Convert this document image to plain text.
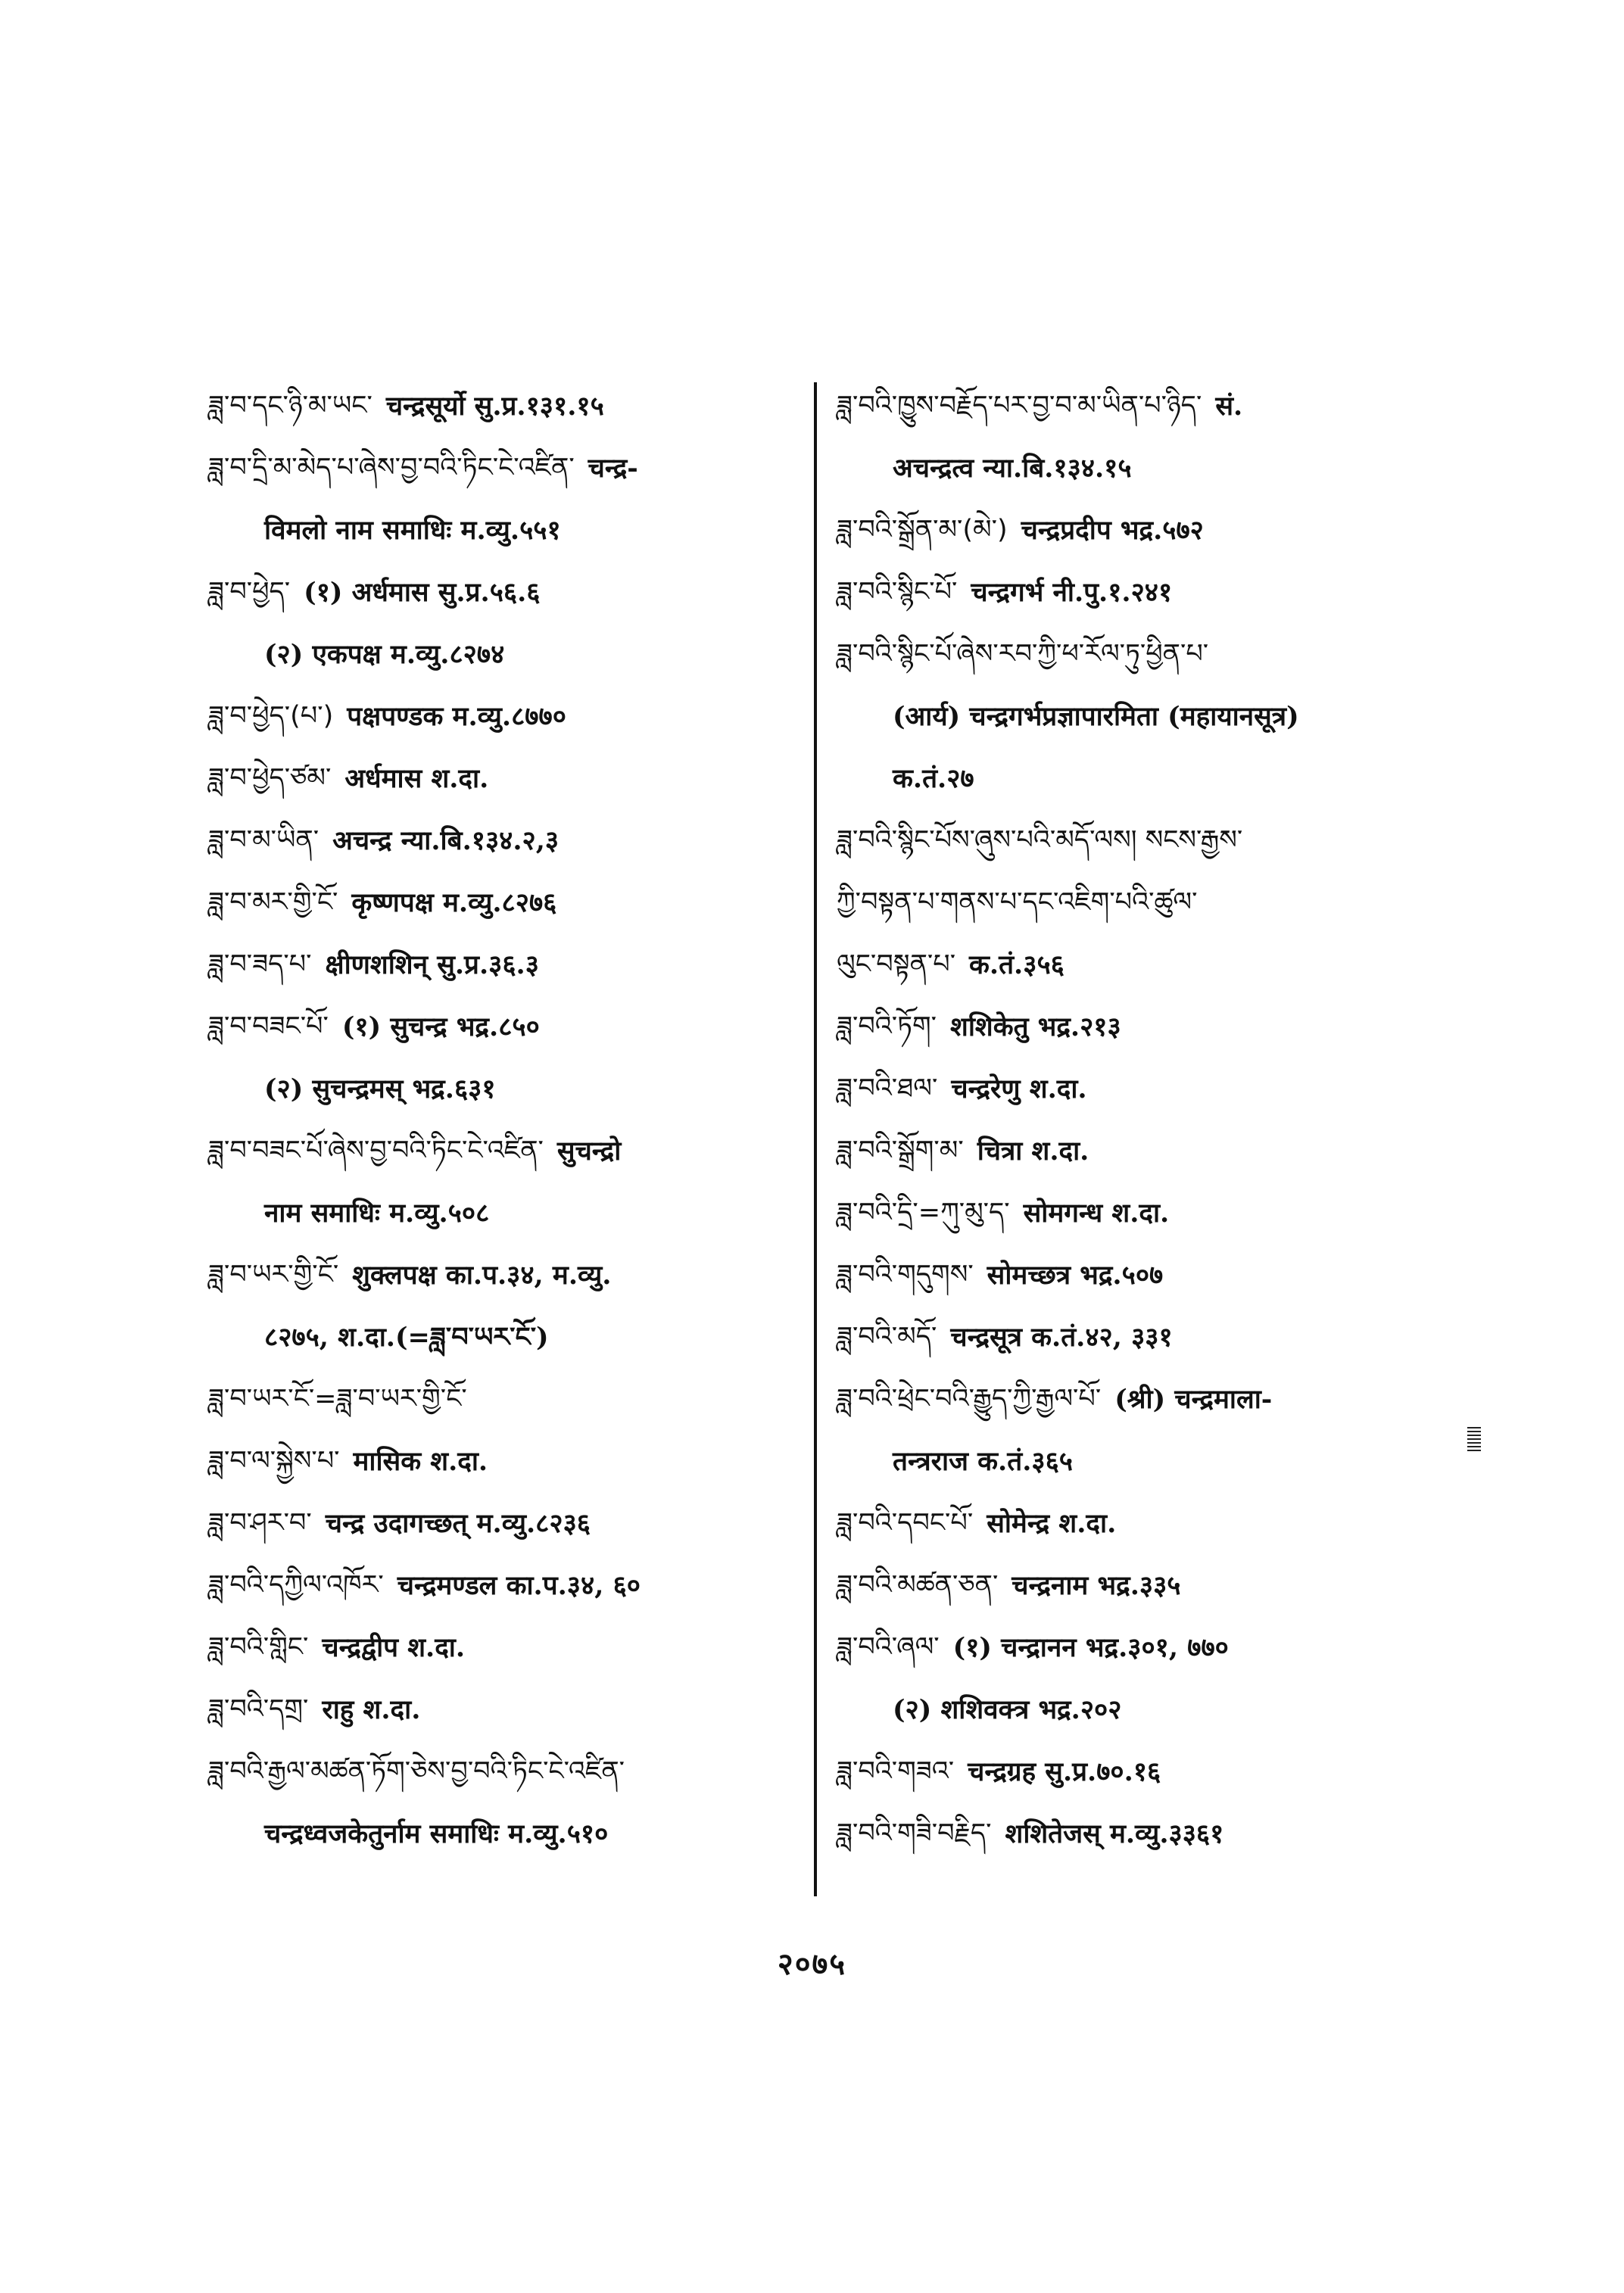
ཟླ་བ་དང་ཉི་མ་ཡང་ चन्द्रसूर्यो सु.प्र.१३१.१५
ཟླ་བ་དྲི་མ་མེད་པ་ཞེས་བྱ་བའི་ཏིང་ངེ་འཛིན་ चन्द्र-
विमलो नाम समाधिः म.व्यु.५५१
ཟླ་བ་ཕྱེད་ (१) अर्धमास सु.प्र.५६.६
(२) एकपक्ष म.व्यु.८२७४
ཟླ་བ་ཕྱེད་(པ་) पक्षपण्डक म.व्यु.८७७०
ཟླ་བ་ཕྱེད་ཙམ་ अर्धमास श.दा.
ཟླ་བ་མ་ཡིན་ अचन्द्र न्या.बि.१३४.२,३
ཟླ་བ་མར་གྱི་ངོ་ कृष्णपक्ष म.व्यु.८२७६
ཟླ་བ་ཟད་པ་ क्षीणशशिन् सु.प्र.३६.३
ཟླ་བ་བཟང་པོ་ (१) सुचन्द्र भद्र.८५०
(२) सुचन्द्रमस् भद्र.६३१
ཟླ་བ་བཟང་པོ་ཞེས་བྱ་བའི་ཏིང་ངེ་འཛིན་ सुचन्द्रो
नाम समाधिः म.व्यु.५०८
ཟླ་བ་ཡར་གྱི་ངོ་ शुक्लपक्ष का.प.३४, म.व्यु.
८२७५, श.दा.(=ཟླ་བ་ཡར་ངོ་)
ཟླ་བ་ཡར་ངོ་=ཟླ་བ་ཡར་གྱི་ངོ་
ཟླ་བ་ལ་སྐྱེས་པ་ मासिक श.दा.
ཟླ་བ་ཤར་བ་ चन्द्र उदागच्छत् म.व्यु.८२३६
ཟླ་བའི་དཀྱིལ་འཁོར་ चन्द्रमण्डल का.प.३४, ६०
ཟླ་བའི་གླིང་ चन्द्रद्वीप श.दा.
ཟླ་བའི་དགྲ་ राहु श.दा.
ཟླ་བའི་རྒྱལ་མཚན་ཏོག་ཅེས་བྱ་བའི་ཏིང་ངེ་འཛིན་
चन्द्रध्वजकेतुर्नाम समाधिः म.व्यु.५१०
ཟླ་བའི་ཁྱུས་བརྗོད་པར་བྱ་བ་མ་ཡིན་པ་ཉིད་ सं.
अचन्द्रत्व न्या.बि.१३४.१५
ཟླ་བའི་སྒྲོན་མ་(མེ་) चन्द्रप्रदीप भद्र.५७२
ཟླ་བའི་སྙིང་པོ་ चन्द्रगर्भ नी.पु.१.२४१
ཟླ་བའི་སྙིང་པོ་ཞེས་རབ་ཀྱི་ཕ་རོལ་ཏུ་ཕྱིན་པ་
(आर्य) चन्द्रगर्भप्रज्ञापारमिता (महायानसूत्र)
क.तं.२७
ཟླ་བའི་སྙིང་པོས་ཞུས་པའི་མདོ་ལས། སངས་རྒྱས་
ཀྱི་བསྟན་པ་གནས་པ་དང་འཇིག་པའི་ཚུལ་
ལུང་བསྟན་པ་ क.तं.३५६
ཟླ་བའི་ཏོག་ शशिकेतु भद्र.२१३
ཟླ་བའི་ཐལ་ चन्द्ररेणु श.दा.
ཟླ་བའི་སྒྲོག་མ་ चित्रा श.दा.
ཟླ་བའི་དྲི་=ཀུ་མུ་ད་ सोमगन्ध श.दा.
ཟླ་བའི་གདུགས་ सोमच्छत्र भद्र.५०७
ཟླ་བའི་མདོ་ चन्द्रसूत्र क.तं.४२, ३३१
ཟླ་བའི་ཕྲེང་བའི་རྒྱུད་ཀྱི་རྒྱལ་པོ་ (श्री) चन्द्रमाला-
तन्त्रराज क.तं.३६५
ཟླ་བའི་དབང་པོ་ सोमेन्द्र श.दा.
ཟླ་བའི་མཚན་ཅན་ चन्द्रनाम भद्र.३३५
ཟླ་བའི་ཞལ་ (१) चन्द्रानन भद्र.३०१, ७७०
(२) शशिवक्त्र भद्र.२०२
ཟླ་བའི་གཟའ་ चन्द्रग्रह सु.प्र.७०.१६
ཟླ་བའི་གཟི་བརྗིད་ शशितेजस् म.व्यु.३३६१
२०७५
